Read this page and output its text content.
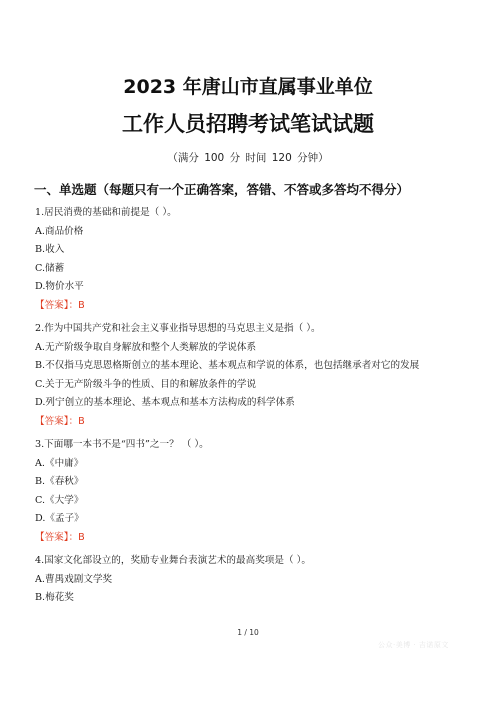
2023 年唐山市直属事业单位
工作人员招聘考试笔试试题
（满分 100 分 时间 120 分钟）
一、单选题（每题只有一个正确答案，答错、不答或多答均不得分）
1.居民消费的基础和前提是（ ）。
A.商品价格
B.收入
C.储蓄
D.物价水平
【答案】：B
2.作为中国共产党和社会主义事业指导思想的马克思主义是指（ ）。
A.无产阶级争取自身解放和整个人类解放的学说体系
B.不仅指马克思恩格斯创立的基本理论、基本观点和学说的体系，也包括继承者对它的发展
C.关于无产阶级斗争的性质、目的和解放条件的学说
D.列宁创立的基本理论、基本观点和基本方法构成的科学体系
【答案】：B
3.下面哪一本书不是“四书”之一？ （ ）。
A.《中庸》
B.《春秋》
C.《大学》
D.《孟子》
【答案】：B
4.国家文化部设立的，奖励专业舞台表演艺术的最高奖项是（ ）。
A.曹禺戏剧文学奖
B.梅花奖
1 / 10
公众·美博 · 吉诺原文
